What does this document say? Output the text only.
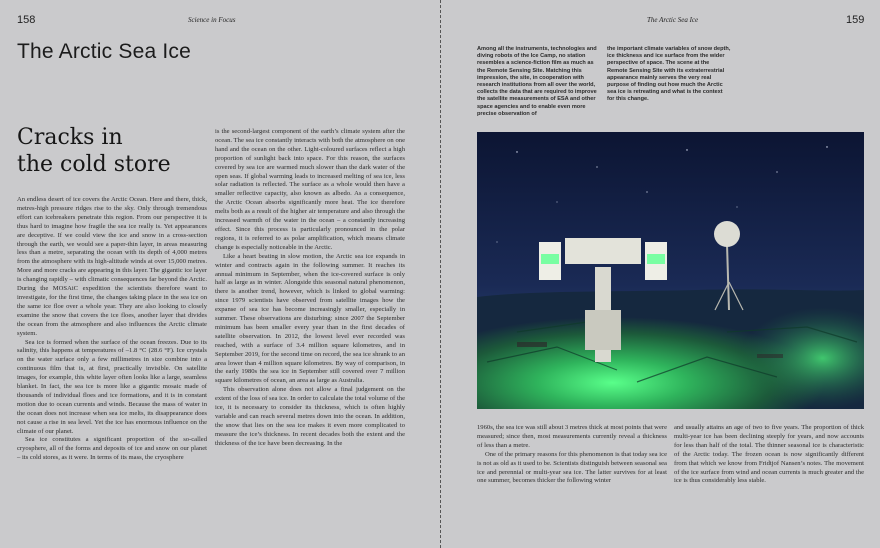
158	Science in Focus
The Arctic Sea Ice
Cracks in
the cold store

An endless desert of ice covers the Arctic Ocean. Here and there, thick, metres-high pressure ridges rise to the sky. Only through tremendous effort can icebreakers penetrate this region. From our perspective it is thus hard to imagine how fragile the sea ice really is. Yet appearances are deceptive. If we could view the ice and snow in a cross-section through the earth, we would see a paper-thin layer, in areas measuring less than a metre, separating the ocean with its depth of 4,000 metres from the atmosphere with its high-altitude winds at over 15,000 metres. More and more cracks are appearing in this layer. The gigantic ice layer is changing rapidly – with climatic consequences far beyond the Arctic. During the MOSAiC expedition the scientists therefore want to investigate, for the first time, the changes taking place in the sea ice on the same ice floe over a whole year. They are also looking to closely examine the snow that covers the ice floes, another layer that divides the ocean from the atmosphere and also influences the Arctic climate system.

Sea ice is formed when the surface of the ocean freezes. Due to its salinity, this happens at temperatures of –1.8 °C (28.6 °F). Ice crystals on the water surface only a few millimetres in size combine into a continuous film that is, at first, practically invisible. On satellite images, for example, this white layer often looks like a large, seamless blanket. In fact, the sea ice is more like a gigantic mosaic made of thousands of individual floes and ice formations, and it is in constant motion due to ocean currents and winds. Because the mass of water in the ocean does not increase when sea ice melts, its disappearance does not cause a rise in sea level. Yet the ice has enormous influence on the climate of our planet.

Sea ice constitutes a significant proportion of the so-called cryosphere, all of the forms and deposits of ice and snow on our planet – its cold stores, as it were. In terms of its mass, the cryosphere

is the second-largest component of the earth’s climate system after the ocean. The sea ice constantly interacts with both the atmosphere on one hand and the ocean on the other. Light-coloured surfaces reflect a high proportion of sunlight back into space. For this reason, the surfaces covered by sea ice are warmed much slower than the dark water of the open seas. If global warming leads to increased melting of sea ice, less solar radiation is reflected. The surface as a whole would then have a smaller reflective capacity, also known as albedo. As a consequence, the Arctic Ocean absorbs significantly more heat. The ice therefore melts both as a result of the higher air temperature and also through the increased warmth of the water in the ocean – a constantly increasing effect. Since this process is particularly pronounced in the polar regions, it is referred to as polar amplification, which means climate change is especially noticeable in the Arctic.

Like a heart beating in slow motion, the Arctic sea ice expands in winter and contracts again in the following summer. It reaches its annual minimum in September, when the ice-covered surface is only half as large as in winter. Alongside this seasonal natural phenomenon, there is another trend, however, which is linked to global warming: since 1979 scientists have observed from satellite images how the expanse of sea ice has become increasingly smaller, especially in summer. These observations are disturbing: since 2007 the September minimum has been smaller every year than in the first decades of satellite observation. In 2012, the lowest level ever recorded was reached, with a surface of 3.4 million square kilometres, and in September 2019, for the second time on record, the sea ice shrank to an area lower than 4 million square kilometres. By way of comparison, in the early 1980s the sea ice in September still covered over 7 million square kilometres of ocean, an area as large as Australia.

This observation alone does not allow a final judgement on the extent of the loss of sea ice. In order to calculate the total volume of the ice, it is necessary to consider its thickness, which is often highly variable and can reach several metres down into the ocean. In addition, the snow that lies on the sea ice makes it even more complicated to measure the ice’s thickness. In recent decades both the extent and the thickness of the ice have been decreasing. In the

The Arctic Sea Ice	159
Among all the instruments, technologies and diving robots of the Ice Camp, no station resembles a science-fiction film as much as the Remote Sensing Site. Matching this impression, the site, in cooperation with research institutions from all over the world, collects the data that are required to improve the satellite measurements of ESA and other space agencies and to enable even more precise observation of
the important climate variables of snow depth, ice thickness and ice surface from the wider perspective of space. The scene at the Remote Sensing Site with its extraterrestrial appearance mainly serves the very real purpose of finding out how much the Arctic sea ice is retreating and what is the context for this change.

1960s, the sea ice was still about 3 metres thick at most points that were measured; since then, most measurements currently reveal a thickness of less than a metre.

One of the primary reasons for this phenomenon is that today sea ice is not as old as it used to be. Scientists distinguish between seasonal sea ice and perennial or multi-year sea ice. The latter survives for at least one summer, becomes thicker the following winter

and usually attains an age of two to five years. The proportion of thick multi-year ice has been declining steeply for years, and now accounts for less than half of the total. The thinner seasonal ice is characteristic of the Arctic today. The frozen ocean is now significantly different from that which we know from Fridtjof Nansen’s notes. The movement of the ice surface from wind and ocean currents is much greater and the ice is thus considerably less stable.
